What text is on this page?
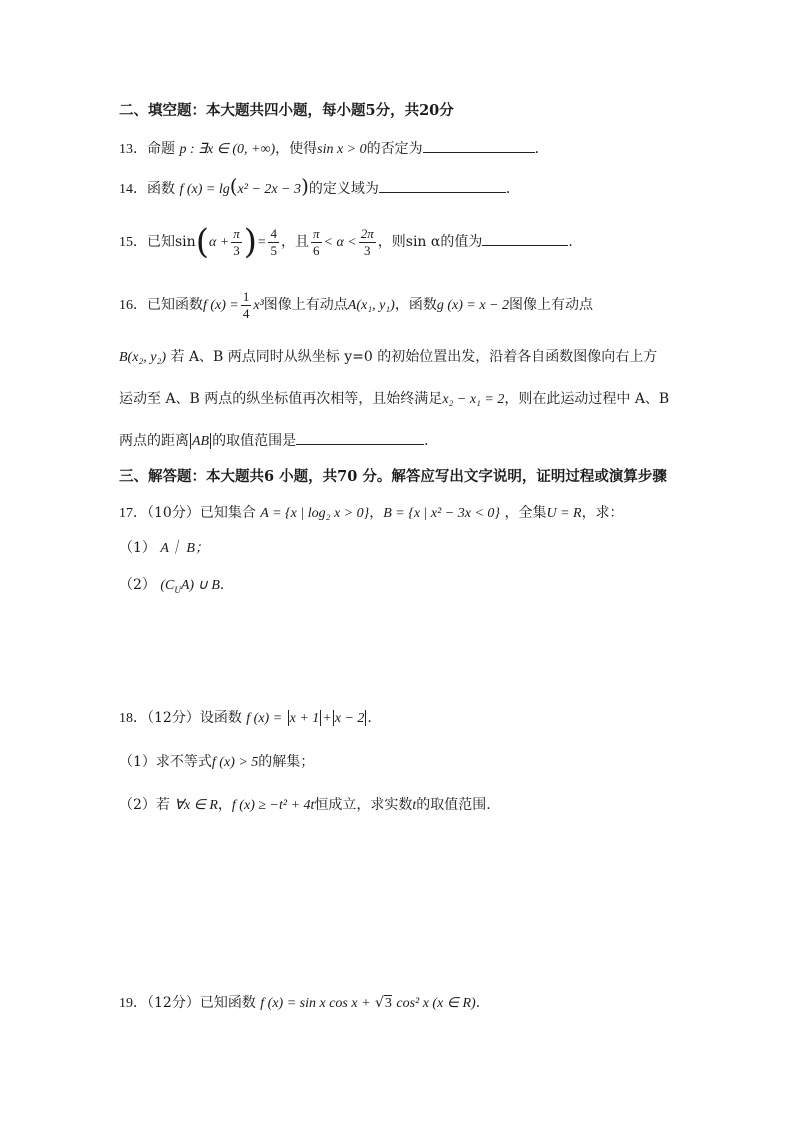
二、填空题：本大题共四小题，每小题5分，共20分
13．命题 p : ∃x ∈ (0, +∞)，使得sin x > 0的否定为	．
14．函数 f (x) = lg(x² − 2x − 3)的定义域为	．
15．已知$\sin(\alpha + \frac{\pi}{3}$ )= $\frac{4}{5}$ ，且 $\frac{\pi}{6} < \alpha < \frac{2\pi}{3}$ ，则sin α的值为	.
16．已知函数f $(x) = \frac{1}{4} x^3$图像上有动点A(x₁, y₁)，函数g (x) = x − 2图像上有动点
B(x₂, y₂) 若 A、B 两点同时从纵坐标 y=0 的初始位置出发，沿着各自函数图像向右上方
运动至 A、B 两点的纵坐标值再次相等，且始终满足x₂ − x₁ = 2，则在此运动过程中 A、B
两点的距离 AB 的取值范围是	．
三、解答题：本大题共6 小题，共70 分。解答应写出文字说明，证明过程或演算步骤
17．（10分）已知集合 A = {x | log₂ x > 0}，B = {x | x² − 3x < 0} ，全集U = R，求：
（1） A｜ B；
（2） $(C_UA)$ ∪ B．
18．（12分）设函数 f (x) = x + 1 + x − 2 .
（1）求不等式f (x) > 5的解集；
（2）若 ∀x ∈ R，f (x) ≥ −t² + 4t恒成立，求实数t的取值范围.
19．（12分）已知函数 f (x) = sin x cos x + √3 cos² x (x ∈ R).
